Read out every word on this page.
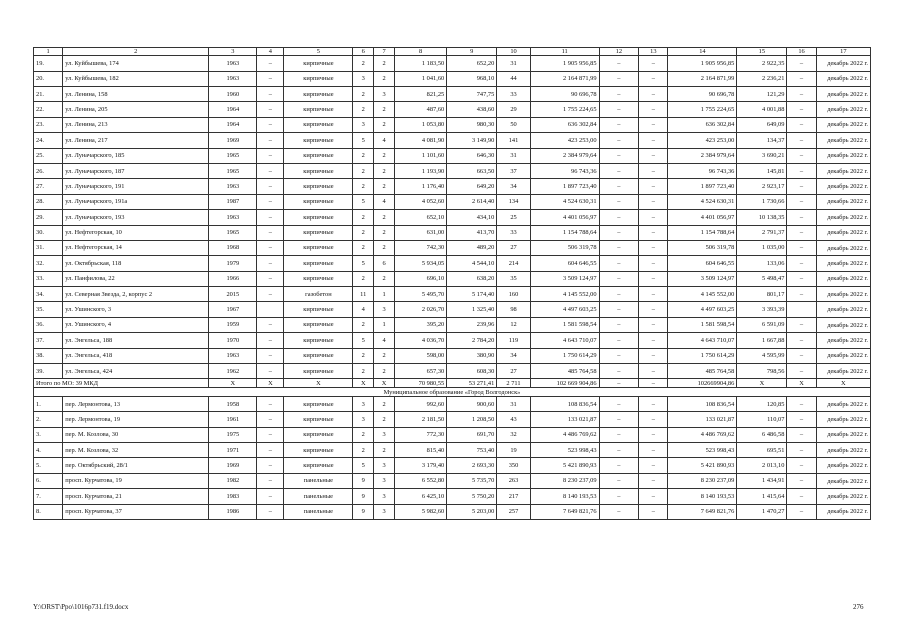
1	2	3	4	5	6	7	8	9	10	11	12	13	14	15	16	17
19.	ул. Куйбышева, 174	1963	–	кирпичные	2	2	1 183,50	652,20	31	1 905 956,85	–	–	1 905 956,85	2 922,35	–	декабрь 2022 г.
20.	ул. Куйбышева, 182	1963	–	кирпичные	3	2	1 041,60	968,10	44	2 164 871,99	–	–	2 164 871,99	2 236,21	–	декабрь 2022 г.
21.	ул. Ленина, 158	1960	–	кирпичные	2	3	821,25	747,75	33	90 696,78	–	–	90 696,78	121,29	–	декабрь 2022 г.
22.	ул. Ленина, 205	1964	–	кирпичные	2	2	487,60	438,60	29	1 755 224,65	–	–	1 755 224,65	4 001,88	–	декабрь 2022 г.
23.	ул. Ленина, 213	1964	–	кирпичные	3	2	1 053,80	980,30	50	636 302,84	–	–	636 302,84	649,09	–	декабрь 2022 г.
24.	ул. Ленина, 217	1969	–	кирпичные	5	4	4 081,90	3 149,90	141	423 253,00	–	–	423 253,00	134,37	–	декабрь 2022 г.
25.	ул. Луначарского, 185	1965	–	кирпичные	2	2	1 101,60	646,30	31	2 384 979,64	–	–	2 384 979,64	3 690,21	–	декабрь 2022 г.
26.	ул. Луначарского, 187	1965	–	кирпичные	2	2	1 193,90	663,50	37	96 743,36	–	–	96 743,36	145,81	–	декабрь 2022 г.
27.	ул. Луначарского, 191	1963	–	кирпичные	2	2	1 176,40	649,20	34	1 897 723,40	–	–	1 897 723,40	2 923,17	–	декабрь 2022 г.
28.	ул. Луначарского, 191а	1987	–	кирпичные	5	4	4 052,60	2 614,40	134	4 524 630,31	–	–	4 524 630,31	1 730,66	–	декабрь 2022 г.
29.	ул. Луначарского, 193	1963	–	кирпичные	2	2	652,10	434,10	25	4 401 056,97	–	–	4 401 056,97	10 138,35	–	декабрь 2022 г.
30.	ул. Нефтегорская, 10	1965	–	кирпичные	2	2	631,00	413,70	33	1 154 788,64	–	–	1 154 788,64	2 791,37	–	декабрь 2022 г.
31.	ул. Нефтегорская, 14	1968	–	кирпичные	2	2	742,30	489,20	27	506 319,78	–	–	506 319,78	1 035,00	–	декабрь 2022 г.
32.	ул. Октябрьская, 118	1979	–	кирпичные	5	6	5 934,05	4 544,10	214	604 646,55	–	–	604 646,55	133,06	–	декабрь 2022 г.
33.	ул. Панфилова, 22	1966	–	кирпичные	2	2	696,10	638,20	35	3 509 124,97	–	–	3 509 124,97	5 498,47	–	декабрь 2022 г.
34.	ул. Северная Звезда, 2, корпус 2	2015	–	газобетон	11	1	5 495,70	5 174,40	160	4 145 552,00	–	–	4 145 552,00	801,17	–	декабрь 2022 г.
35.	ул. Ушинского, 3	1967		кирпичные	4	3	2 026,70	1 325,40	98	4 497 603,25	–	–	4 497 603,25	3 393,39		декабрь 2022 г.
36.	ул. Ушинского, 4	1959	–	кирпичные	2	1	395,20	239,96	12	1 581 598,54	–	–	1 581 598,54	6 591,09	–	декабрь 2022 г.
37.	ул. Энгельса, 188	1970	–	кирпичные	5	4	4 036,70	2 784,20	119	4 643 710,07	–	–	4 643 710,07	1 667,88	–	декабрь 2022 г.
38.	ул. Энгельса, 418	1963	–	кирпичные	2	2	598,00	380,90	34	1 750 614,29	–	–	1 750 614,29	4 595,99	–	декабрь 2022 г.
39.	ул. Энгельса, 424	1962	–	кирпичные	2	2	657,30	608,30	27	485 764,58	–	–	485 764,58	798,56	–	декабрь 2022 г.
Итого по МО: 39 МКД		X	X	X	X	X	70 980,55	53 271,41	2 711	102 669 904,86	–	–	102669904,86	X	X	X
Муниципальное образование «Город Волгодонск»																
1.	пер. Лермонтова, 13	1958	–	кирпичные	3	2	992,60	900,60	31	108 836,54	–	–	108 836,54	120,85	–	декабрь 2022 г.
2.	пер. Лермонтова, 19	1961	–	кирпичные	3	2	2 181,50	1 208,50	43	133 021,87	–	–	133 021,87	110,07	–	декабрь 2022 г.
3.	пер. М. Козлова, 30	1975	–	кирпичные	2	3	772,30	691,70	32	4 486 769,62	–	–	4 486 769,62	6 486,58	–	декабрь 2022 г.
4.	пер. М. Козлова, 32	1971	–	кирпичные	2	2	815,40	753,40	19	523 998,43	–	–	523 998,43	695,51	–	декабрь 2022 г.
5.	пер. Октябрьский, 28/1	1969	–	кирпичные	5	3	3 179,40	2 693,30	350	5 421 890,93	–	–	5 421 890,93	2 013,10	–	декабрь 2022 г.
6.	просп. Курчатова, 19	1982	–	панельные	9	3	6 552,80	5 735,70	263	8 230 237,09	–	–	8 230 237,09	1 434,91	–	декабрь 2022 г.
7.	просп. Курчатова, 21	1983	–	панельные	9	3	6 425,10	5 750,20	217	8 140 193,53	–	–	8 140 193,53	1 415,64	–	декабрь 2022 г.
8.	просп. Курчатова, 37	1986	–	панельные	9	3	5 982,60	5 203,00	257	7 649 821,76	–	–	7 649 821,76	1 470,27	–	декабрь 2022 г.
Y:\ORST\Ppo\1016p731.f19.docx	276
